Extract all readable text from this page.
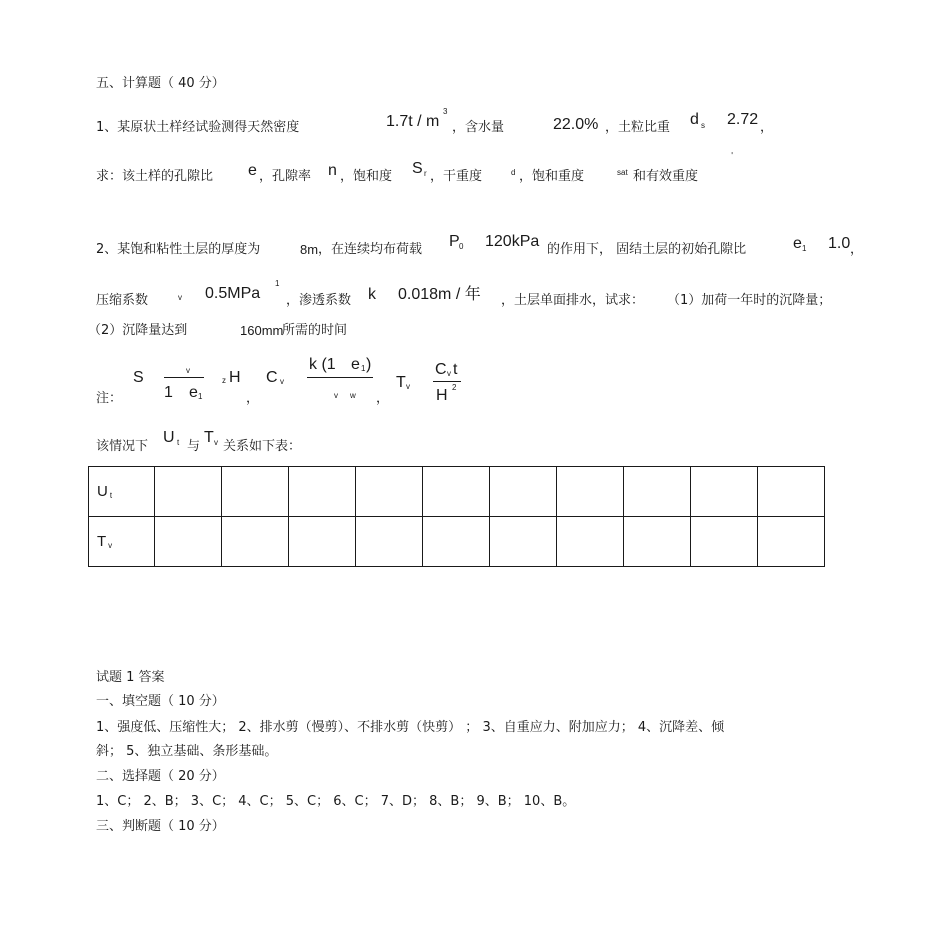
五、计算题（ 40 分）
1、某原状土样经试验测得天然密度	1.7t / m
3
，含水量	22.0% ，土粒比重 d s 2.72 ，
'
求：该土样的孔隙比 e ，孔隙率 n ，饱和度 S r ，干重度	d ，饱和重度	sat 和有效重度
2、某饱和粘性土层的厚度为	8m ，在连续均布荷载 P 0 120kPa 的作用下， 固结土层的初始孔隙比	e 1 1.0 ，
压缩系数	v 0.5MPa
1
，渗透系数 k 0.018m / 年 ，土层单面排水，试求： （1）加荷一年时的沉降量；
（2）沉降量达到	160mm
所需的时间
注：
S	v
1 e 1
z H
，
C v
k (1 e 1 )
v w ，
T v
C v t
H 2
该情况下
U t 与
T v 关系如下表：
U $_t$										
T $_v$										
试题 1 答案
一、填空题（ 10 分）
1、强度低、压缩性大； 2、排水剪（慢剪）、不排水剪（快剪） ； 3、自重应力、附加应力； 4、沉降差、倾
斜； 5、独立基础、条形基础。
二、选择题（ 20 分）
1、C； 2、B； 3、C； 4、C； 5、C； 6、C； 7、D； 8、B； 9、B； 10、B。
三、判断题（ 10 分）
